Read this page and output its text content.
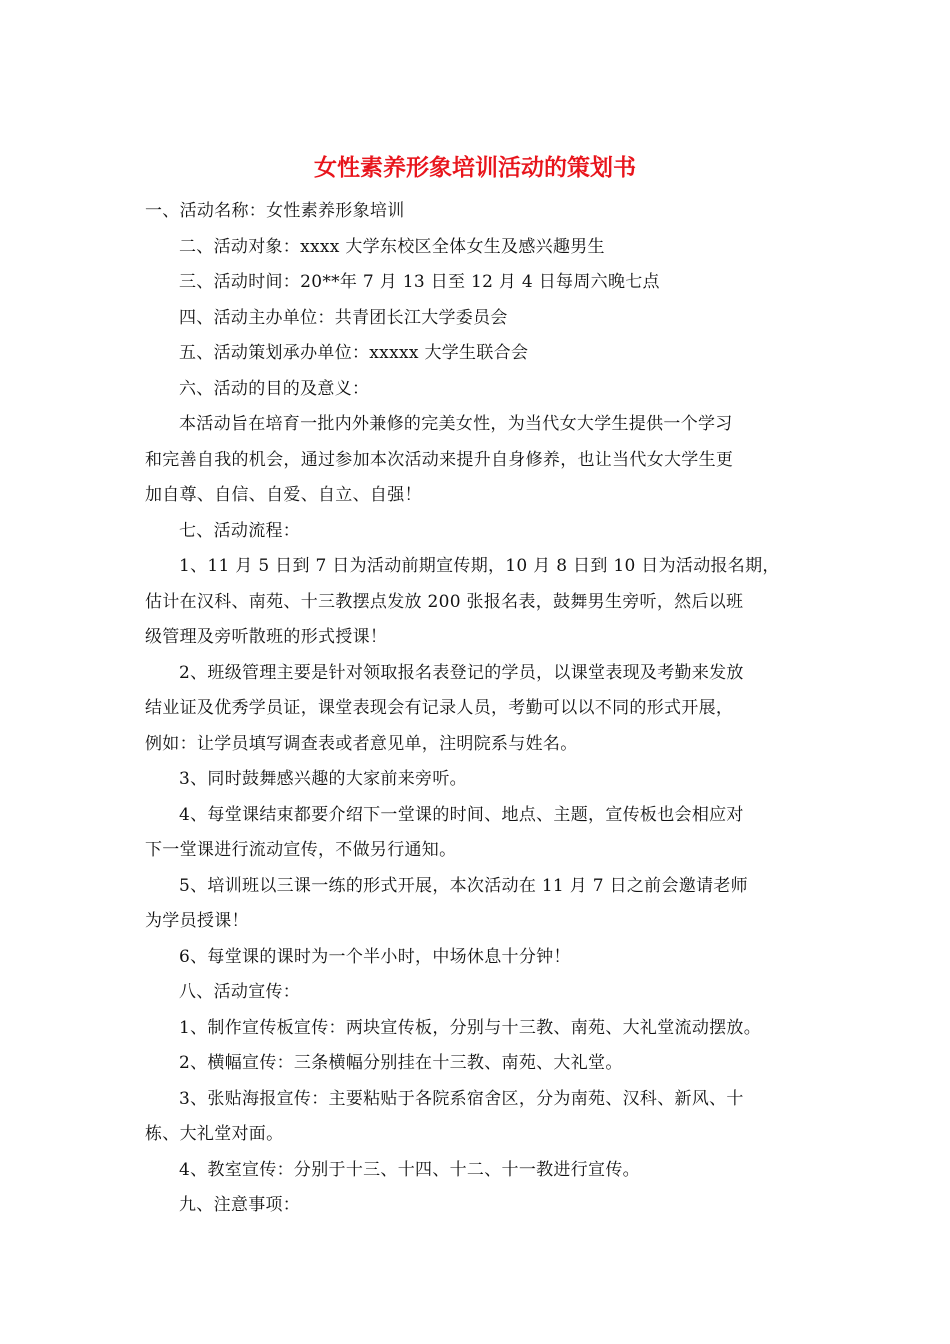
女性素养形象培训活动的策划书
一、活动名称：女性素养形象培训
二、活动对象：xxxx 大学东校区全体女生及感兴趣男生
三、活动时间：20**年 7 月 13 日至 12 月 4 日每周六晚七点
四、活动主办单位：共青团长江大学委员会
五、活动策划承办单位：xxxxx 大学生联合会
六、活动的目的及意义：
本活动旨在培育一批内外兼修的完美女性，为当代女大学生提供一个学习
和完善自我的机会，通过参加本次活动来提升自身修养，也让当代女大学生更
加自尊、自信、自爱、自立、自强！
七、活动流程：
1、11 月 5 日到 7 日为活动前期宣传期，10 月 8 日到 10 日为活动报名期，
估计在汉科、南苑、十三教摆点发放 200 张报名表，鼓舞男生旁听，然后以班
级管理及旁听散班的形式授课！
2、班级管理主要是针对领取报名表登记的学员，以课堂表现及考勤来发放
结业证及优秀学员证，课堂表现会有记录人员，考勤可以以不同的形式开展，
例如：让学员填写调查表或者意见单，注明院系与姓名。
3、同时鼓舞感兴趣的大家前来旁听。
4、每堂课结束都要介绍下一堂课的时间、地点、主题，宣传板也会相应对
下一堂课进行流动宣传，不做另行通知。
5、培训班以三课一练的形式开展，本次活动在 11 月 7 日之前会邀请老师
为学员授课！
6、每堂课的课时为一个半小时，中场休息十分钟！
八、活动宣传：
1、制作宣传板宣传：两块宣传板，分别与十三教、南苑、大礼堂流动摆放。
2、横幅宣传：三条横幅分别挂在十三教、南苑、大礼堂。
3、张贴海报宣传：主要粘贴于各院系宿舍区，分为南苑、汉科、新风、十
栋、大礼堂对面。
4、教室宣传：分别于十三、十四、十二、十一教进行宣传。
九、注意事项：
